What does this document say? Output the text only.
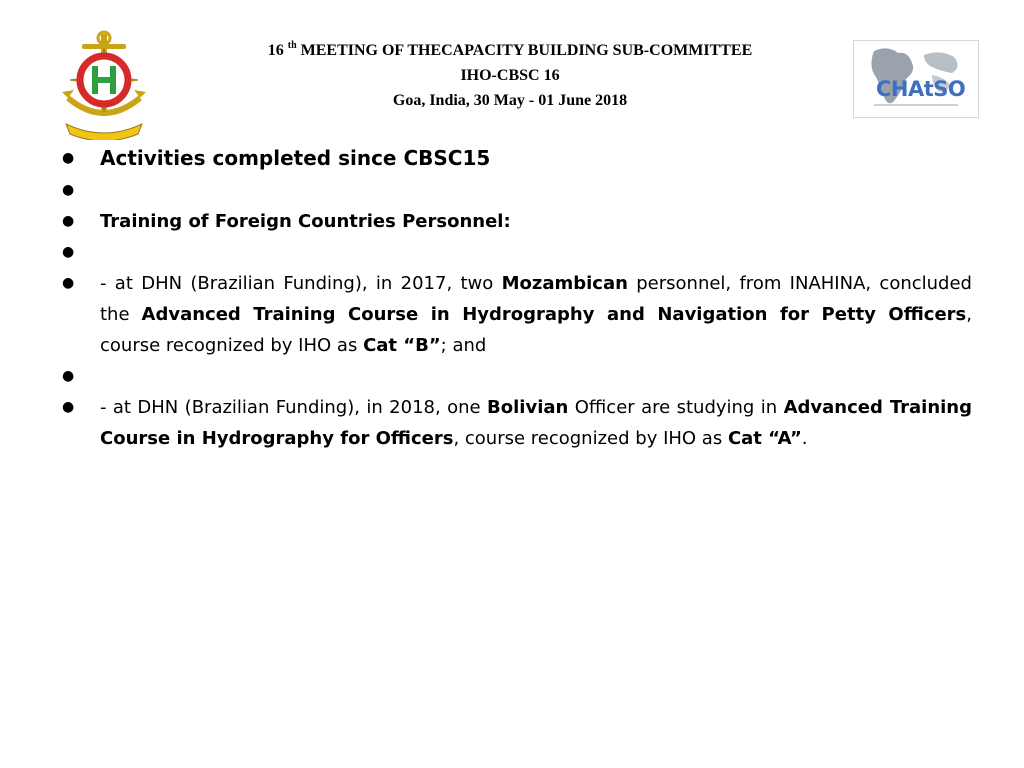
16 $^{th}$ MEETING OF THECAPACITY BUILDING SUB-COMMITTEE
IHO-CBSC 16
Goa, India, 30 May - 01 June 2018	CHAtSO
● Activities completed since CBSC15
●
● Training of Foreign Countries Personnel:
●
● - at DHN (Brazilian Funding), in 2017, two Mozambican personnel, from INAHINA, concluded the Advanced Training Course in Hydrography and Navigation for Petty Officers, course recognized by IHO as Cat “B”; and
●
● - at DHN (Brazilian Funding), in 2018, one Bolivian Officer are studying in Advanced Training Course in Hydrography for Officers, course recognized by IHO as Cat “A”.
